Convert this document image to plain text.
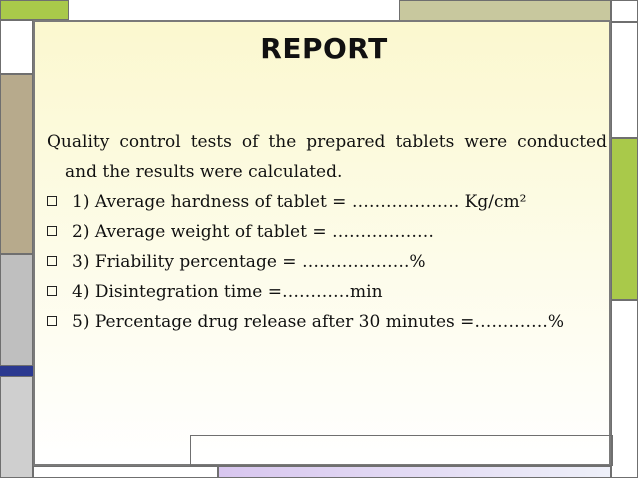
REPORT
Quality control tests of the prepared tablets were conducted and the results were calculated.
1) Average hardness of tablet = ………………. Kg/cm²
2) Average weight of tablet = ………………
3) Friability percentage = ……………….%
4) Disintegration time =…………min
5) Percentage drug release after 30 minutes =………….%
